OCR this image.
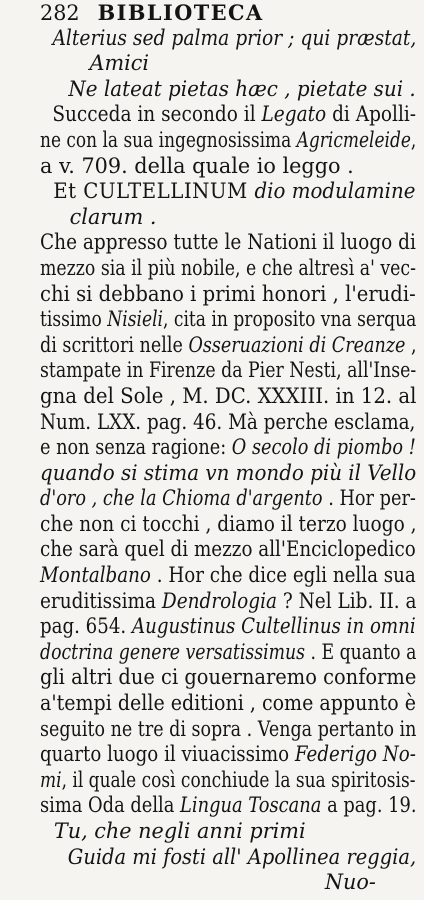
282 BIBLIOTECA
Alterius sed palma prior ; qui præstat,
Amici
Ne lateat pietas hæc , pietate sui .
Succeda in secondo il Legato di Apolli-
ne con la sua ingegnosissima Agricmeleide,
a v. 709. della quale io leggo .
Et CULTELLINUM dio modulamine
clarum .
Che appresso tutte le Nationi il luogo di
mezzo sia il più nobile, e che altresì a' vec-
chi si debbano i primi honori , l'erudi-
tissimo Nisieli, cita in proposito vna serqua
di scrittori nelle Osseruazioni di Creanze ,
stampate in Firenze da Pier Nesti, all'Inse-
gna del Sole , M. DC. XXXIII. in 12. al
Num. LXX. pag. 46. Mà perche esclama,
e non senza ragione: O secolo di piombo !
quando si stima vn mondo più il Vello
d'oro , che la Chioma d'argento . Hor per-
che non ci tocchi , diamo il terzo luogo ,
che sarà quel di mezzo all'Enciclopedico
Montalbano . Hor che dice egli nella sua
eruditissima Dendrologia ? Nel Lib. II. a
pag. 654. Augustinus Cultellinus in omni
doctrina genere versatissimus . E quanto a
gli altri due ci gouernaremo conforme
a'tempi delle editioni , come appunto è
seguito ne tre di sopra . Venga pertanto in
quarto luogo il viuacissimo Federigo No-
mi, il quale così conchiude la sua spiritosis-
sima Oda della Lingua Toscana a pag. 19.
Tu, che negli anni primi
Guida mi fosti all' Apollinea reggia,
Nuo-
